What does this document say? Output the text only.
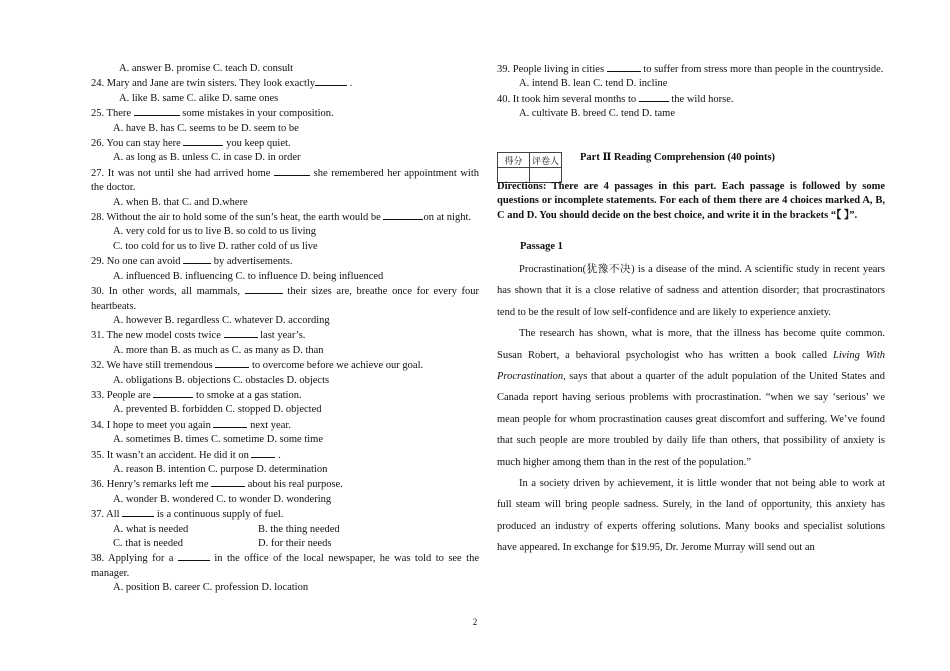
A. answer B. promise C. teach D. consult
24. Mary and Jane are twin sisters. They look exactly	.
A. like B. same C. alike D. same ones
25. There	some mistakes in your composition.
A. have B. has C. seems to be D. seem to be
26. You can stay here	you keep quiet.
A. as long as B. unless C. in case D. in order
27. It was not until she had arrived home	she remembered her appointment with the doctor.
A. when B. that C. and D.where
28. Without the air to hold some of the sun’s heat, the earth would be	on at night.
A. very cold for us to live B. so cold to us living
C. too cold for us to live D. rather cold of us live
29. No one can avoid	by advertisements.
A. influenced B. influencing C. to influence D. being influenced
30. In other words, all mammals,	their sizes are, breathe once for every four heartbeats.
A. however B. regardless C. whatever D. according
31. The new model costs twice	last year’s.
A. more than B. as much as C. as many as D. than
32. We have still tremendous	to overcome before we achieve our goal.
A. obligations B. objections C. obstacles D. objects
33. People are	to smoke at a gas station.
A. prevented B. forbidden C. stopped D. objected
34. I hope to meet you again	next year.
A. sometimes B. times C. sometime D. some time
35. It wasn’t an accident. He did it on  .
A. reason B. intention C. purpose D. determination
36. Henry’s remarks left me	about his real purpose.
A. wonder B. wondered C. to wonder D. wondering
37. All	is a continuous supply of fuel.
A. what is needed	B. the thing needed
C. that is needed	D. for their needs
38. Applying for a	in the office of the local newspaper, he was told to see the manager.
A. position B. career C. profession D. location
39. People living in cities	to suffer from stress more than people in the countryside.
A. intend B. lean C. tend D. incline
40. It took him several months to	the wild horse.
A. cultivate B. breed C. tend D. tame
得分	评卷人
	Part Ⅱ Reading Comprehension (40 points)
Directions: There are 4 passages in this part. Each passage is followed by some questions or incomplete statements. For each of them there are 4 choices marked A, B, C and D. You should decide on the best choice, and write it in the brackets “【 】”.
Passage 1

Procrastination(犹豫不决) is a disease of the mind. A scientific study in recent years has shown that it is a close relative of sadness and attention disorder; that procrastinators tend to be the result of low self-confidence and are likely to experience anxiety.

The research has shown, what is more, that the illness has become quite common. Susan Robert, a behavioral psychologist who has written a book called Living With Procrastination, says that about a quarter of the adult population of the United States and Canada report having serious problems with procrastination. “when we say ‘serious’ we mean people for whom procrastination causes great discomfort and suffering. We’ve found that such people are more troubled by daily life than others, that possibility of anxiety is much higher among them than in the rest of the population.”

In a society driven by achievement, it is little wonder that not being able to work at full steam will bring people sadness. Surely, in the land of opportunity, this anxiety has produced an industry of experts offering solutions. Many books and specialist solutions have appeared. In exchange for $19.95, Dr. Jerome Murray will send out an

2
